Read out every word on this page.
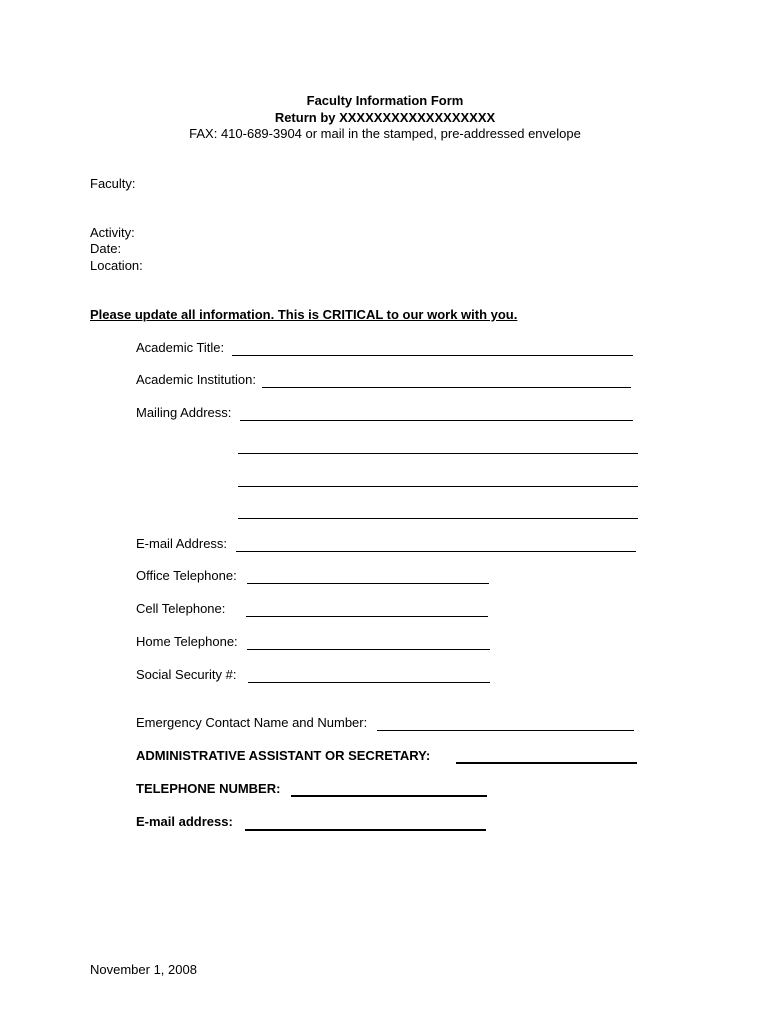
Faculty Information Form
Return by XXXXXXXXXXXXXXXXXX
FAX: 410-689-3904 or mail in the stamped, pre-addressed envelope
Faculty:
Activity:
Date:
Location:
Please update all information. This is CRITICAL to our work with you.
Academic Title:
Academic Institution:
Mailing Address:
E-mail Address:
Office Telephone:
Cell Telephone:
Home Telephone:
Social Security #:
Emergency Contact Name and Number:
ADMINISTRATIVE ASSISTANT OR SECRETARY:
TELEPHONE NUMBER:
E-mail address:
November 1, 2008
